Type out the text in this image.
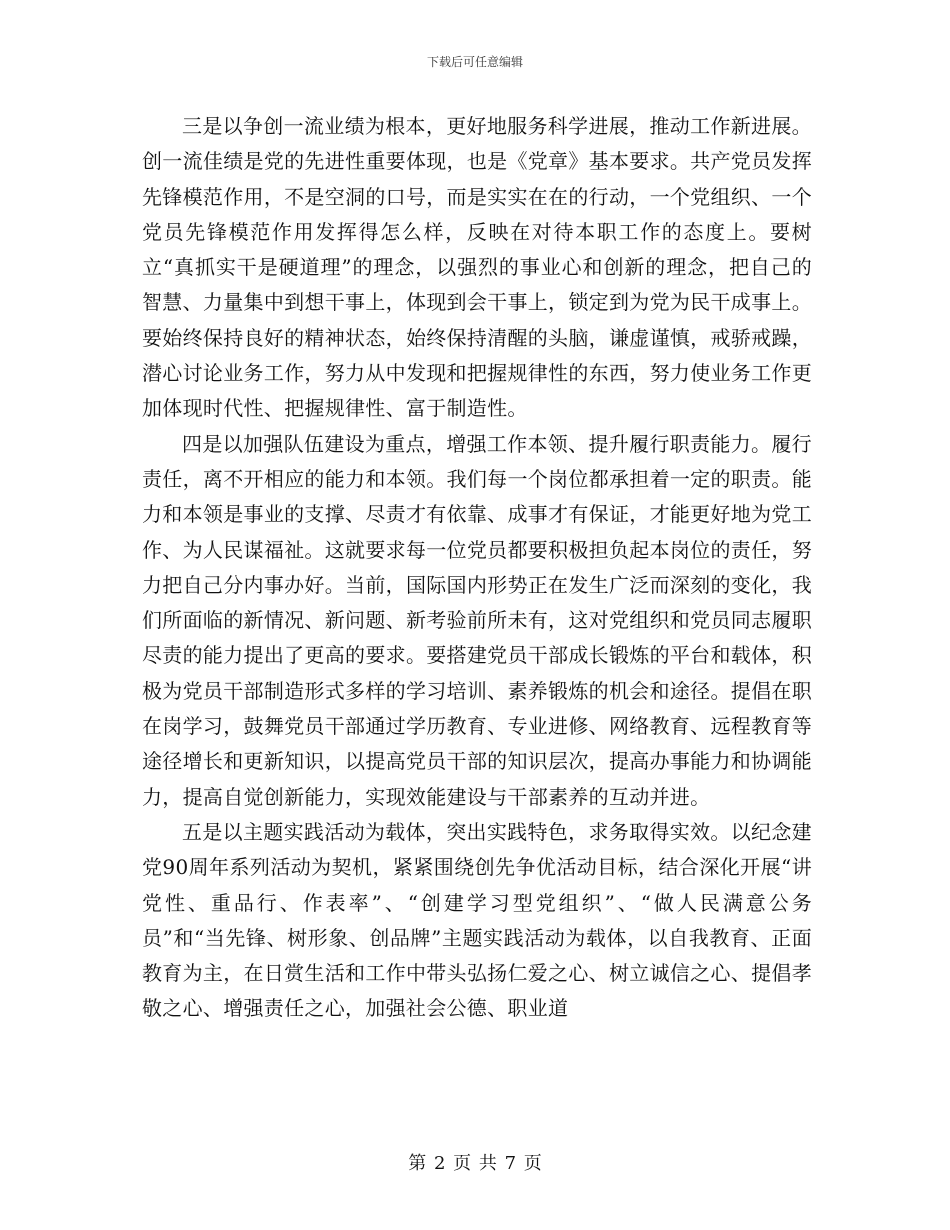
下载后可任意编辑

三是以争创一流业绩为根本，更好地服务科学进展，推动工作新进展。创一流佳绩是党的先进性重要体现，也是《党章》基本要求。共产党员发挥先锋模范作用，不是空洞的口号，而是实实在在的行动，一个党组织、一个党员先锋模范作用发挥得怎么样，反映在对待本职工作的态度上。要树立“真抓实干是硬道理”的理念，以强烈的事业心和创新的理念，把自己的智慧、力量集中到想干事上，体现到会干事上，锁定到为党为民干成事上。要始终保持良好的精神状态，始终保持清醒的头脑，谦虚谨慎，戒骄戒躁，潜心讨论业务工作，努力从中发现和把握规律性的东西，努力使业务工作更加体现时代性、把握规律性、富于制造性。

四是以加强队伍建设为重点，增强工作本领、提升履行职责能力。履行责任，离不开相应的能力和本领。我们每一个岗位都承担着一定的职责。能力和本领是事业的支撑、尽责才有依靠、成事才有保证，才能更好地为党工作、为人民谋福祉。这就要求每一位党员都要积极担负起本岗位的责任，努力把自己分内事办好。当前，国际国内形势正在发生广泛而深刻的变化，我们所面临的新情况、新问题、新考验前所未有，这对党组织和党员同志履职尽责的能力提出了更高的要求。要搭建党员干部成长锻炼的平台和载体，积极为党员干部制造形式多样的学习培训、素养锻炼的机会和途径。提倡在职在岗学习，鼓舞党员干部通过学历教育、专业进修、网络教育、远程教育等途径增长和更新知识，以提高党员干部的知识层次，提高办事能力和协调能力，提高自觉创新能力，实现效能建设与干部素养的互动并进。

五是以主题实践活动为载体，突出实践特色，求务取得实效。以纪念建党90周年系列活动为契机，紧紧围绕创先争优活动目标，结合深化开展“讲党性、重品行、作表率”、“创建学习型党组织”、“做人民满意公务员”和“当先锋、树形象、创品牌”主题实践活动为载体，以自我教育、正面教育为主，在日赏生活和工作中带头弘扬仁爱之心、树立诚信之心、提倡孝敬之心、增强责任之心，加强社会公德、职业道

第 2 页 共 7 页
